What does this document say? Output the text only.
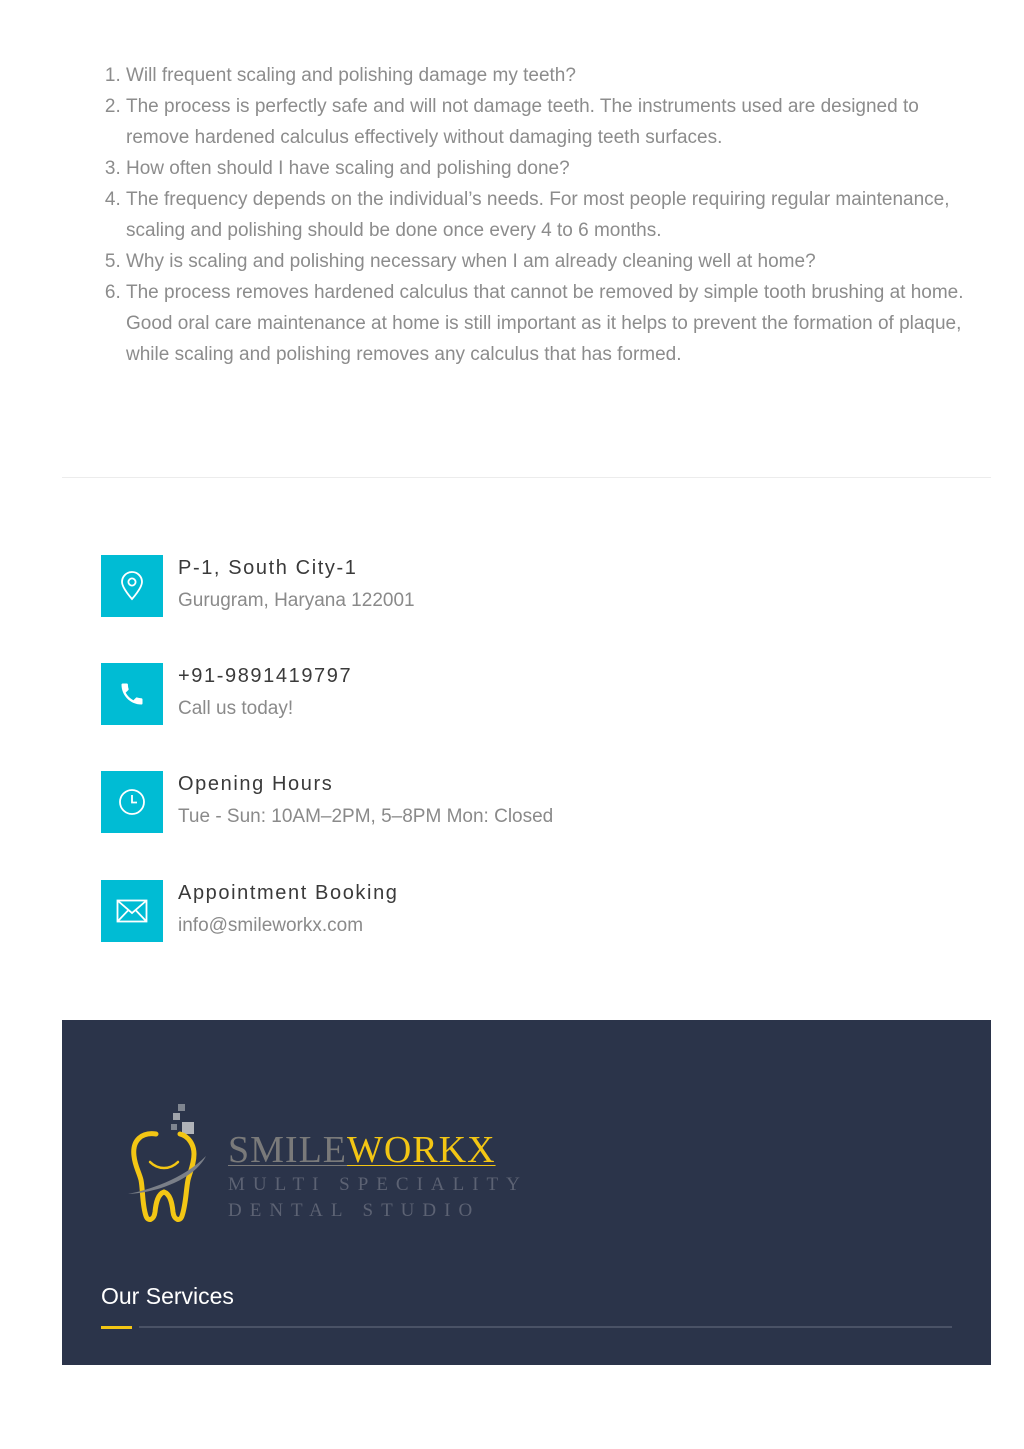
1. Will frequent scaling and polishing damage my teeth?
2. The process is perfectly safe and will not damage teeth. The instruments used are designed to remove hardened calculus effectively without damaging teeth surfaces.
3. How often should I have scaling and polishing done?
4. The frequency depends on the individual’s needs. For most people requiring regular maintenance, scaling and polishing should be done once every 4 to 6 months.
5. Why is scaling and polishing necessary when I am already cleaning well at home?
6. The process removes hardened calculus that cannot be removed by simple tooth brushing at home. Good oral care maintenance at home is still important as it helps to prevent the formation of plaque, while scaling and polishing removes any calculus that has formed.
P-1, South City-1
Gurugram, Haryana 122001
+91-9891419797
Call us today!
Opening Hours
Tue - Sun: 10AM–2PM, 5–8PM Mon: Closed
Appointment Booking
info@smileworkx.com
SMILEWORKX
MULTI SPECIALITY
DENTAL STUDIO
Our Services
